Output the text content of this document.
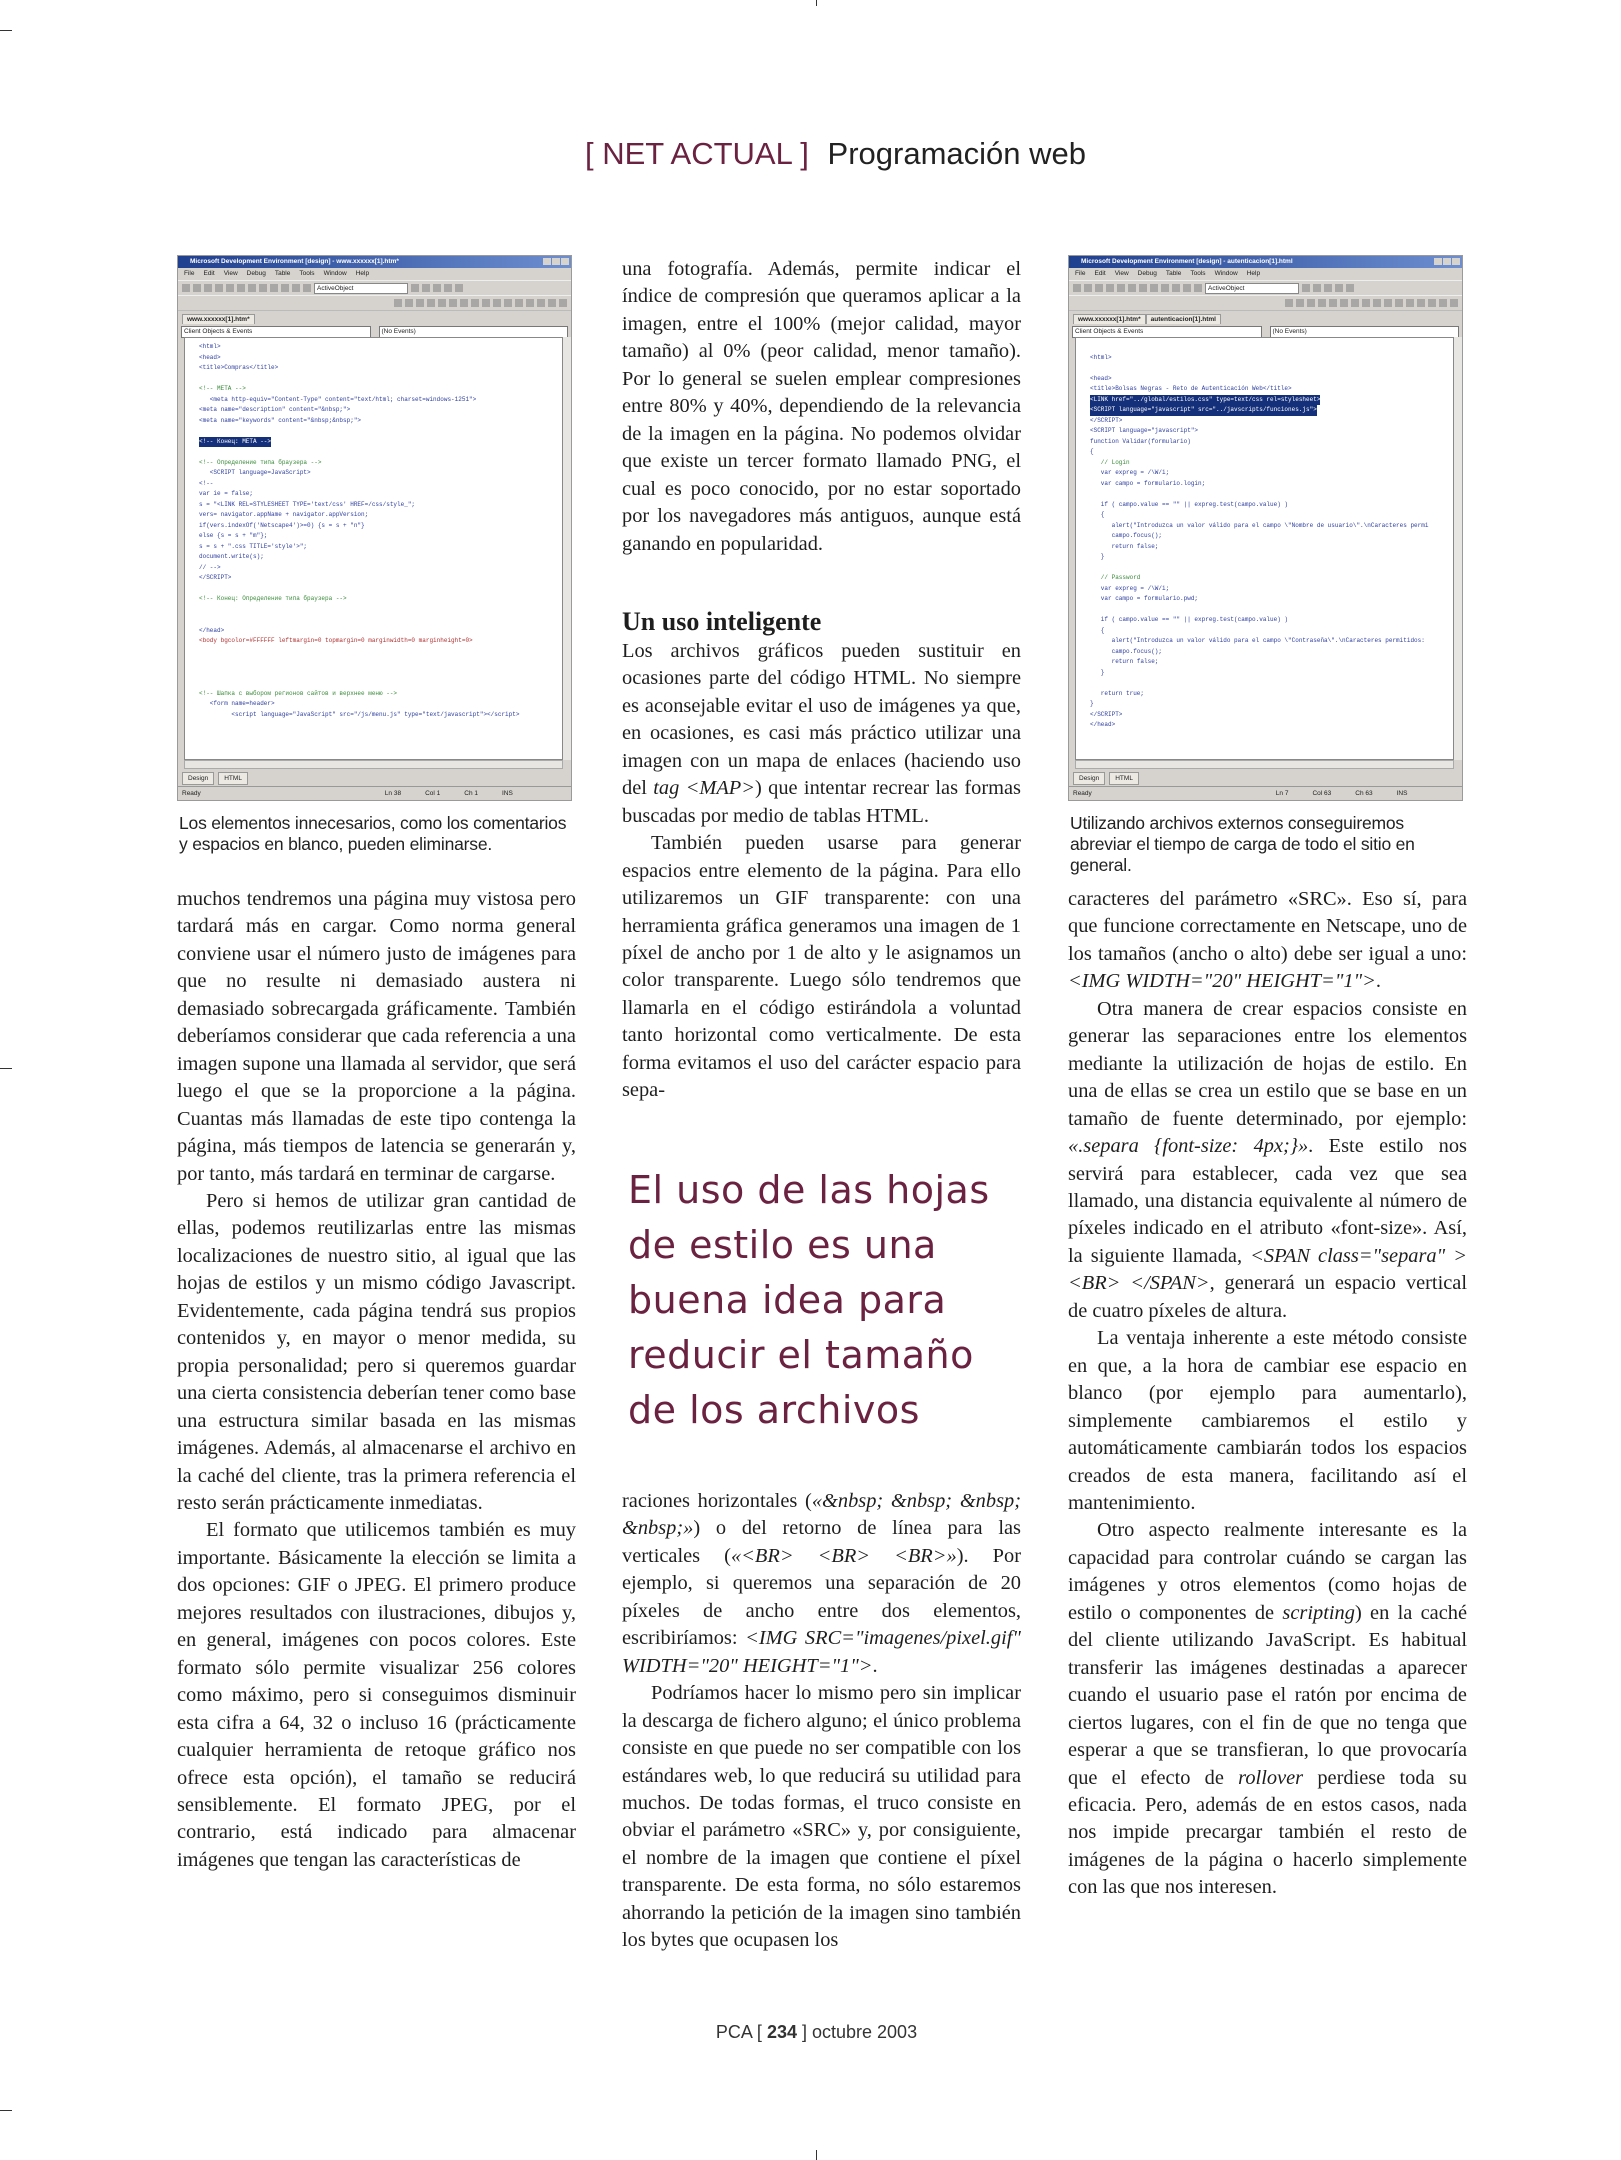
[ NET ACTUAL ] Programación web
Microsoft Development Environment [design] - www.xxxxxx[1].htm*
File Edit View Debug Table Tools Window Help
ActiveObject
www.xxxxxx[1].htm*
Client Objects & Events	(No Events)
<html>
<head>
<title>Compras</title>
<!-- META -->
<meta http-equiv="Content-Type" content="text/html; charset=windows-1251">
<meta name="description" content="&nbsp;">
<meta name="keywords" content="&nbsp;&nbsp;">
<!-- Конец: META -->
<!-- Определение типа браузера -->
<SCRIPT language=JavaScript>
<!--
var ie = false;
s = "<LINK REL=STYLESHEET TYPE='text/css' HREF=/css/style_";
vers= navigator.appName + navigator.appVersion;
if(vers.indexOf('Netscape4')>=0) {s = s + "n"}
else {s = s + "m"};
s = s + ".css TITLE='style'>";
document.write(s);
// -->
</SCRIPT>
<!-- Конец: Определение типа браузера -->
</head>
<body bgcolor=#FFFFFF leftmargin=0 topmargin=0 marginwidth=0 marginheight=0>
<!-- Шапка с выбором регионов сайтов и верхнее меню -->
<form name=header>
<script language="JavaScript" src="/js/menu.js" type="text/javascript"></script>
Design	HTML
Ready	Ln 38	Col 1	Ch 1	INS
Los elementos innecesarios, como los comentarios y espacios en blanco, pueden eliminarse.
Microsoft Development Environment [design] - autenticacion[1].html
File Edit View Debug Table Tools Window Help
ActiveObject
www.xxxxxx[1].htm*	autenticacion[1].html
Client Objects & Events	(No Events)
<html>
<head>
<title>Bolsas Negras - Reto de Autenticación Web</title>
<LINK href="../global/estilos.css" type=text/css rel=stylesheet>
<SCRIPT language="javascript" src="../javscripts/funciones.js">
</SCRIPT>
<SCRIPT language="javascript">
function Validar(formulario)
{
// Login
var expreg = /\W/i;
var campo = formulario.login;
if ( campo.value == "" || expreg.test(campo.value) )
{
alert("Introduzca un valor válido para el campo \"Nombre de usuario\".\nCaracteres permi
campo.focus();
return false;
}
// Password
var expreg = /\W/i;
var campo = formulario.pwd;
if ( campo.value == "" || expreg.test(campo.value) )
{
alert("Introduzca un valor válido para el campo \"Contraseña\".\nCaracteres permitidos:
campo.focus();
return false;
}
return true;
}
</SCRIPT>
</head>
Design	HTML
Ready	Ln 7	Col 63	Ch 63	INS
Utilizando archivos externos conseguiremos abreviar el tiempo de carga de todo el sitio en general.

muchos tendremos una página muy vistosa pero tardará más en cargar. Como norma general conviene usar el número justo de imágenes para que no resulte ni demasiado austera ni demasiado sobrecargada gráficamente. También deberíamos considerar que cada referencia a una imagen supone una llamada al servidor, que será luego el que se la proporcione a la página. Cuantas más llamadas de este tipo contenga la página, más tiempos de latencia se generarán y, por tanto, más tardará en terminar de cargarse.

Pero si hemos de utilizar gran cantidad de ellas, podemos reutilizarlas entre las mismas localizaciones de nuestro sitio, al igual que las hojas de estilos y un mismo código Javascript. Evidentemente, cada página tendrá sus propios contenidos y, en mayor o menor medida, su propia personalidad; pero si queremos guardar una cierta consistencia deberían tener como base una estructura similar basada en las mismas imágenes. Además, al almacenarse el archivo en la caché del cliente, tras la primera referencia el resto serán prácticamente inmediatas.

El formato que utilicemos también es muy importante. Básicamente la elección se limita a dos opciones: GIF o JPEG. El primero produce mejores resultados con ilustraciones, dibujos y, en general, imágenes con pocos colores. Este formato sólo permite visualizar 256 colores como máximo, pero si conseguimos disminuir esta cifra a 64, 32 o incluso 16 (prácticamente cualquier herramienta de retoque gráfico nos ofrece esta opción), el tamaño se reducirá sensiblemente. El formato JPEG, por el contrario, está indicado para almacenar imágenes que tengan las características de

una fotografía. Además, permite indicar el índice de compresión que queramos aplicar a la imagen, entre el 100% (mejor calidad, mayor tamaño) al 0% (peor calidad, menor tamaño). Por lo general se suelen emplear compresiones entre 80% y 40%, dependiendo de la relevancia de la imagen en la página. No podemos olvidar que existe un tercer formato llamado PNG, el cual es poco conocido, por no estar soportado por los navegadores más antiguos, aunque está ganando en popularidad.

Un uso inteligente

Los archivos gráficos pueden sustituir en ocasiones parte del código HTML. No siempre es aconsejable evitar el uso de imágenes ya que, en ocasiones, es casi más práctico utilizar una imagen con un mapa de enlaces (haciendo uso del tag <MAP>) que intentar recrear las formas buscadas por medio de tablas HTML.

También pueden usarse para generar espacios entre elemento de la página. Para ello utilizaremos un GIF transparente: con una herramienta gráfica generamos una imagen de 1 píxel de ancho por 1 de alto y le asignamos un color transparente. Luego sólo tendremos que llamarla en el código estirándola a voluntad tanto horizontal como verticalmente. De esta forma evitamos el uso del carácter espacio para sepa-

El uso de las hojas
de estilo es una
buena idea para
reducir el tamaño
de los archivos

raciones horizontales («&nbsp; &nbsp; &nbsp; &nbsp;») o del retorno de línea para las verticales («<BR> <BR> <BR>»). Por ejemplo, si queremos una separación de 20 píxeles de ancho entre dos elementos, escribiríamos: <IMG SRC="imagenes/pixel.gif" WIDTH="20" HEIGHT="1">.

Podríamos hacer lo mismo pero sin implicar la descarga de fichero alguno; el único problema consiste en que puede no ser compatible con los estándares web, lo que reducirá su utilidad para muchos. De todas formas, el truco consiste en obviar el parámetro «SRC» y, por consiguiente, el nombre de la imagen que contiene el píxel transparente. De esta forma, no sólo estaremos ahorrando la petición de la imagen sino también los bytes que ocupasen los

caracteres del parámetro «SRC». Eso sí, para que funcione correctamente en Netscape, uno de los tamaños (ancho o alto) debe ser igual a uno: <IMG WIDTH="20" HEIGHT="1">.

Otra manera de crear espacios consiste en generar las separaciones entre los elementos mediante la utilización de hojas de estilo. En una de ellas se crea un estilo que se base en un tamaño de fuente determinado, por ejemplo: «.separa {font-size: 4px;}». Este estilo nos servirá para establecer, cada vez que sea llamado, una distancia equivalente al número de píxeles indicado en el atributo «font-size». Así, la siguiente llamada, <SPAN class="separa" > <BR> </SPAN>, generará un espacio vertical de cuatro píxeles de altura.

La ventaja inherente a este método consiste en que, a la hora de cambiar ese espacio en blanco (por ejemplo para aumentarlo), simplemente cambiaremos el estilo y automáticamente cambiarán todos los espacios creados de esta manera, facilitando así el mantenimiento.

Otro aspecto realmente interesante es la capacidad para controlar cuándo se cargan las imágenes y otros elementos (como hojas de estilo o componentes de scripting) en la caché del cliente utilizando JavaScript. Es habitual transferir las imágenes destinadas a aparecer cuando el usuario pase el ratón por encima de ciertos lugares, con el fin de que no tenga que esperar a que se transfieran, lo que provocaría que el efecto de rollover perdiese toda su eficacia. Pero, además de en estos casos, nada nos impide precargar también el resto de imágenes de la página o hacerlo simplemente con las que nos interesen.

PCA [ 234 ] octubre 2003
